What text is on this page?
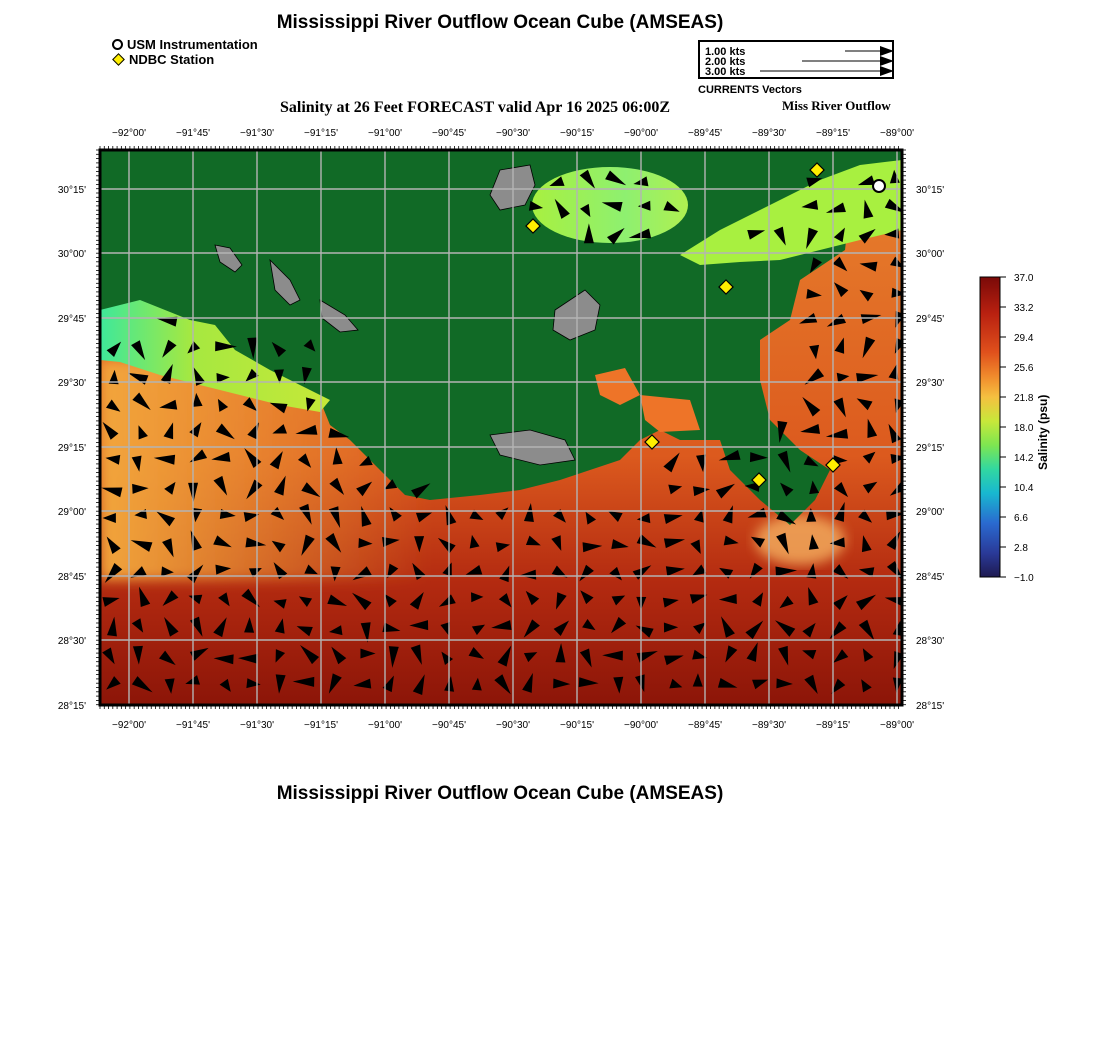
Mississippi River Outflow Ocean Cube (AMSEAS)
USM Instrumentation
NDBC Station	1.00 kts
2.00 kts
3.00 kts
CURRENTS Vectors
Salinity at 26 Feet FORECAST valid Apr 16 2025 06:00Z	Miss River Outflow
−92°00'	−91°45'	−91°30'	−91°15'	−91°00'	−90°45'	−90°30'	−90°15'	−90°00'	−89°45'	−89°30'	−89°15'	−89°00'
−92°00'	−91°45'	−91°30'	−91°15'	−91°00'	−90°45'	−90°30'	−90°15'	−90°00'	−89°45'	−89°30'	−89°15'	−89°00'
30°15'
30°00'
29°45'
29°30'
29°15'
29°00'
28°45'
28°30'
28°15'
30°15'
30°00'
29°45'
29°30'
29°15'
29°00'
28°45'
28°30'
28°15'
37.0
33.2
29.4
25.6
21.8
18.0
14.2
10.4
6.6
2.8
−1.0
Salinity (psu)
Mississippi River Outflow Ocean Cube (AMSEAS)
